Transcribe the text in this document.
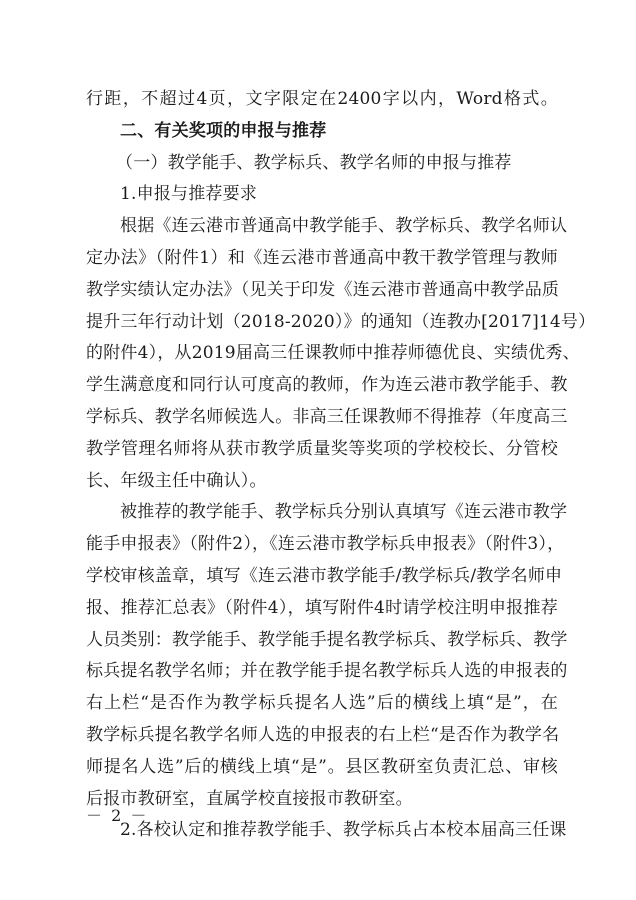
行距，不超过4页，文字限定在2400字以内，Word格式。
二、有关奖项的申报与推荐
（一）教学能手、教学标兵、教学名师的申报与推荐
1.申报与推荐要求
根据《连云港市普通高中教学能手、教学标兵、教学名师认
定办法》（附件1）和《连云港市普通高中教干教学管理与教师
教学实绩认定办法》（见关于印发《连云港市普通高中教学品质
提升三年行动计划（2018-2020）》的通知（连教办[2017]14号）
的附件4），从2019届高三任课教师中推荐师德优良、实绩优秀、
学生满意度和同行认可度高的教师，作为连云港市教学能手、教
学标兵、教学名师候选人。非高三任课教师不得推荐（年度高三
教学管理名师将从获市教学质量奖等奖项的学校校长、分管校
长、年级主任中确认）。
被推荐的教学能手、教学标兵分别认真填写《连云港市教学
能手申报表》（附件2），《连云港市教学标兵申报表》（附件3），
学校审核盖章，填写《连云港市教学能手/教学标兵/教学名师申
报、推荐汇总表》（附件4），填写附件4时请学校注明申报推荐
人员类别：教学能手、教学能手提名教学标兵、教学标兵、教学
标兵提名教学名师；并在教学能手提名教学标兵人选的申报表的
右上栏“是否作为教学标兵提名人选”后的横线上填“是”，在
教学标兵提名教学名师人选的申报表的右上栏“是否作为教学名
师提名人选”后的横线上填“是”。县区教研室负责汇总、审核
后报市教研室，直属学校直接报市教研室。
2.各校认定和推荐教学能手、教学标兵占本校本届高三任课
－ 2 －
